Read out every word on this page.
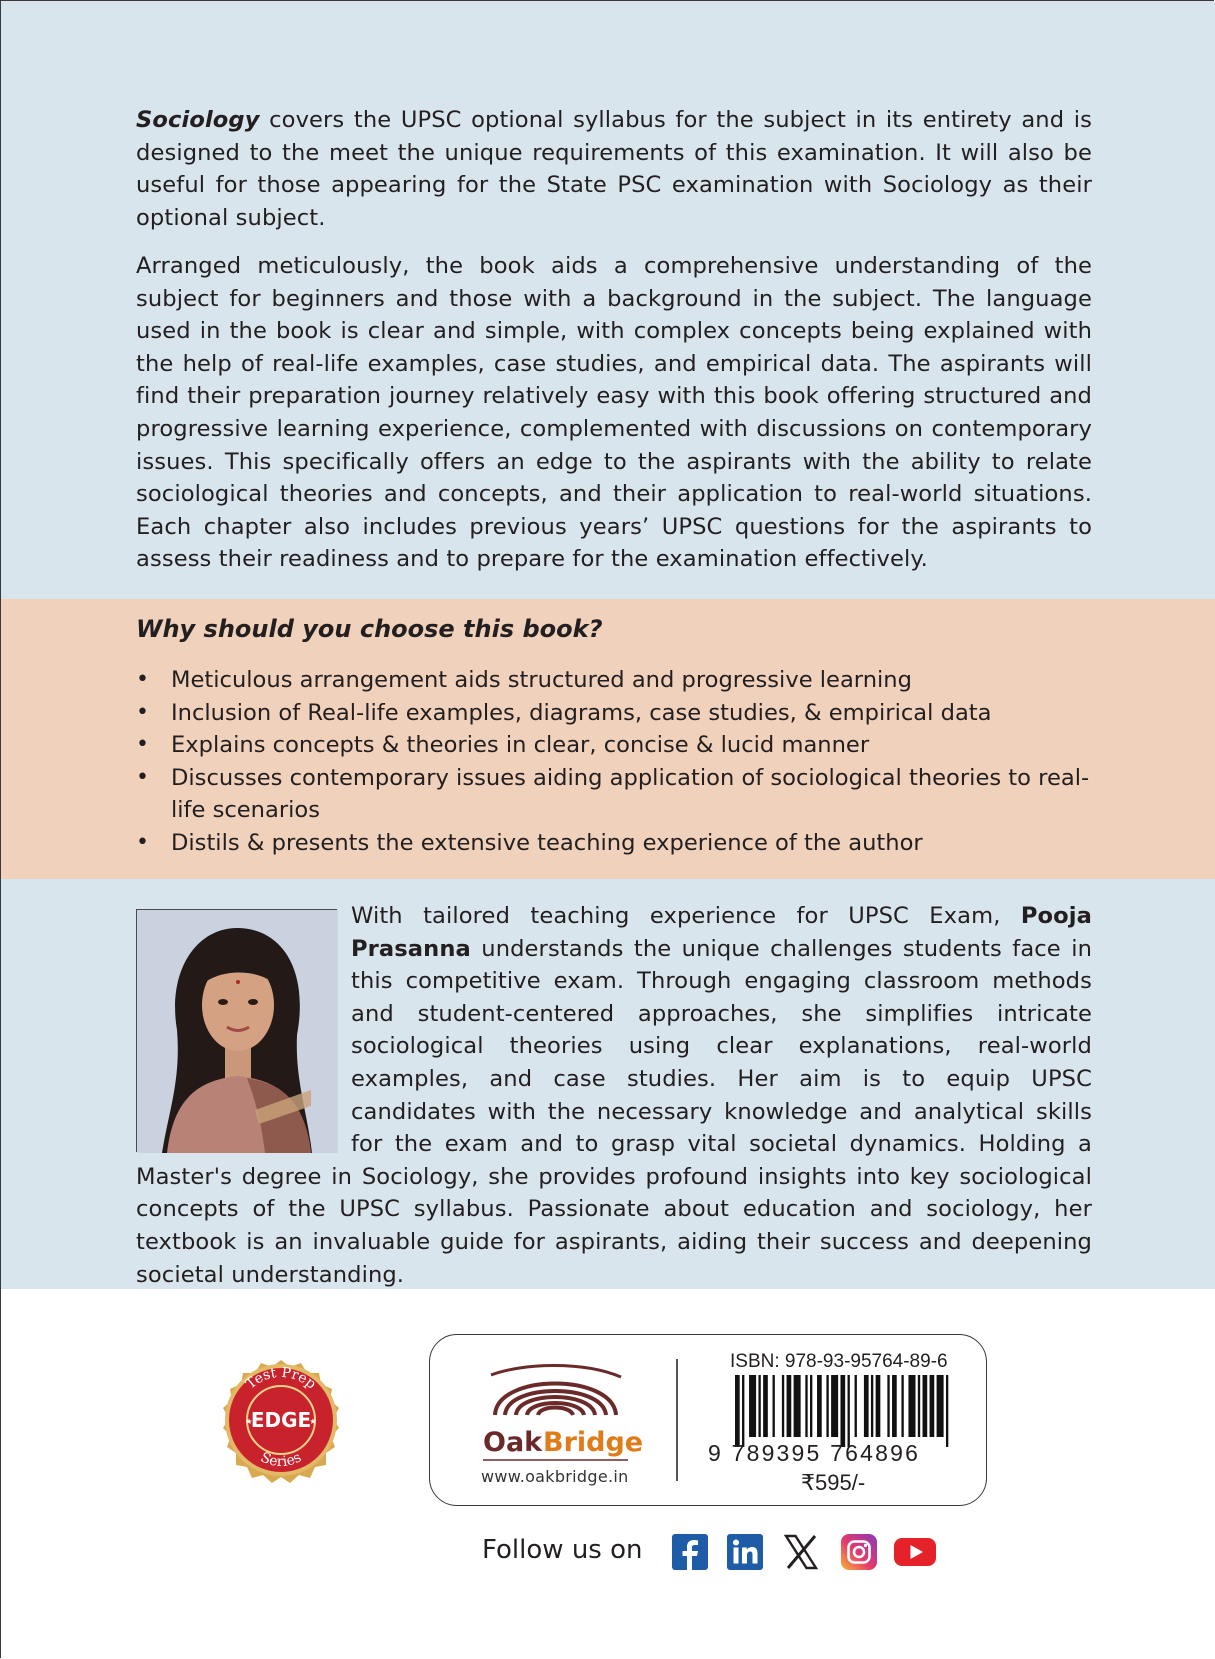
Sociology covers the UPSC optional syllabus for the subject in its entirety and is designed to the meet the unique requirements of this examination. It will also be useful for those appearing for the State PSC examination with Sociology as their optional subject.

Arranged meticulously, the book aids a comprehensive understanding of the subject for beginners and those with a background in the subject. The language used in the book is clear and simple, with complex concepts being explained with the help of real-life examples, case studies, and empirical data. The aspirants will find their preparation journey relatively easy with this book offering structured and progressive learning experience, complemented with discussions on contemporary issues. This specifically offers an edge to the aspirants with the ability to relate sociological theories and concepts, and their application to real-world situations. Each chapter also includes previous years’ UPSC questions for the aspirants to assess their readiness and to prepare for the examination effectively.

Why should you choose this book?
• Meticulous arrangement aids structured and progressive learning
• Inclusion of Real-life examples, diagrams, case studies, & empirical data
• Explains concepts & theories in clear, concise & lucid manner
• Discusses contemporary issues aiding application of sociological theories to real-life scenarios
• Distils & presents the extensive teaching experience of the author

With tailored teaching experience for UPSC Exam, Pooja Prasanna understands the unique challenges students face in this competitive exam. Through engaging classroom methods and student-centered approaches, she simplifies intricate sociological theories using clear explanations, real-world examples, and case studies. Her aim is to equip UPSC candidates with the necessary knowledge and analytical skills for the exam and to grasp vital societal dynamics. Holding a Master's degree in Sociology, she provides profound insights into key sociological concepts of the UPSC syllabus. Passionate about education and sociology, her textbook is an invaluable guide for aspirants, aiding their success and deepening societal understanding.

Test Prep
EDGE
Series
★	★
Oak Bridge
www.oakbridge.in
ISBN: 978-93-95764-89-6
9 789395 764896
₹595/-
Follow us on
